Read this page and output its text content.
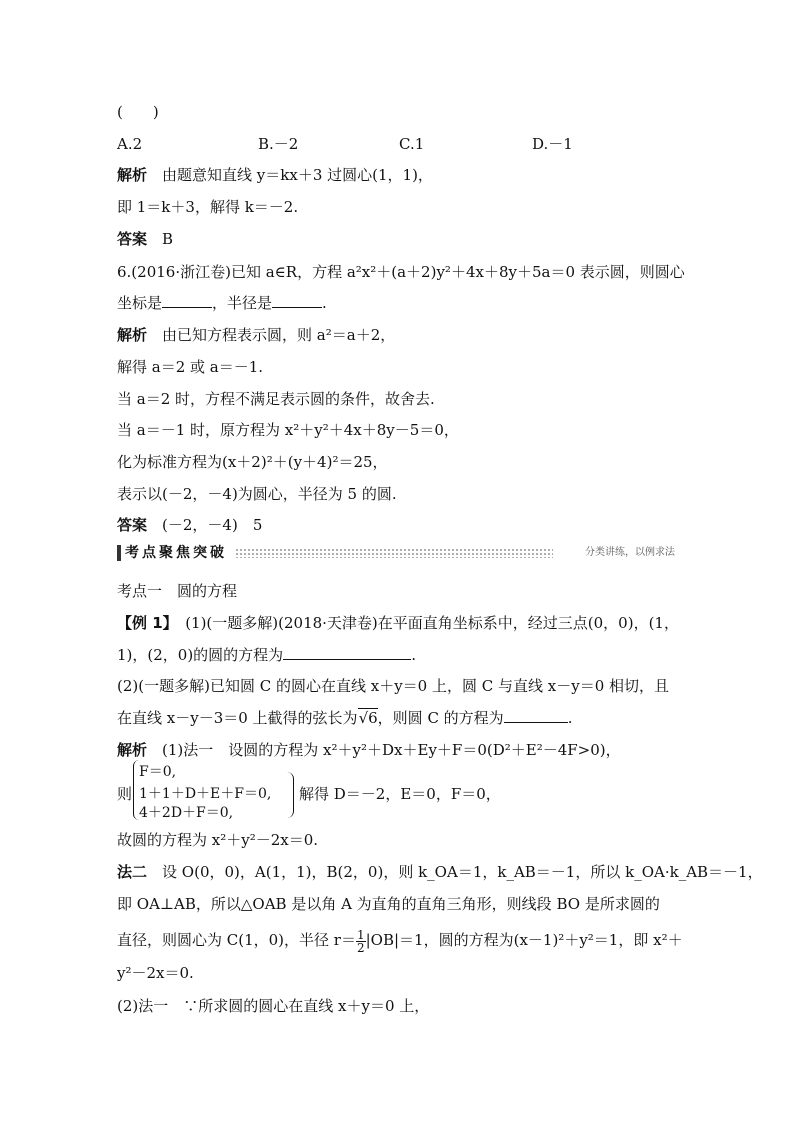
(　　)
A.2	B.－2	C.1	D.－1
解析　 由题意知直线 y＝kx＋3 过圆心(1，1)，
即 1＝k＋3，解得 k＝－2.
答案　 B
6.(2016·浙江卷)已知 a∈R，方程 a²x²＋(a＋2)y²＋4x＋8y＋5a＝0 表示圆，则圆心
坐标是	，半径是	.
解析　 由已知方程表示圆，则 a²＝a＋2，
解得 a＝2 或 a＝－1.
当 a＝2 时，方程不满足表示圆的条件，故舍去.
当 a＝－1 时，原方程为 x²＋y²＋4x＋8y－5＝0，
化为标准方程为(x＋2)²＋(y＋4)²＝25，
表示以(－2，－4)为圆心，半径为 5 的圆.
答案　 (－2，－4)　5
考点聚焦突破	分类讲练，以例求法
考点一　圆的方程
【例 1】　 (1)(一题多解)(2018·天津卷)在平面直角坐标系中，经过三点(0，0)，(1，
1)，(2，0)的圆的方程为	.
(2)(一题多解)已知圆 C 的圆心在直线 x＋y＝0 上，圆 C 与直线 x－y＝0 相切，且
在直线 x－y－3＝0 上截得的弦长为√6，则圆 C 的方程为	.
解析　 (1)法一　设圆的方程为 x²＋y²＋Dx＋Ey＋F＝0(D²＋E²－4F>0)，
则
F＝0,
1＋1＋D＋E＋F＝0,
4＋2D＋F＝0,
解得 D＝－2，E＝0，F＝0，
故圆的方程为 x²＋y²－2x＝0.
法二　 设 O(0，0)，A(1，1)，B(2，0)，则 k_OA＝1，k_AB＝－1，所以 k_OA·k_AB＝－1，
即 OA⊥AB，所以△OAB 是以角 A 为直角的直角三角形，则线段 BO 是所求圆的
直径，则圆心为 C(1，0)，半径 $r= \frac{1}{2} |OB|=1$，圆的方程为(x－1)²＋y²＝1，即 x²＋
y²－2x＝0.
(2)法一　∵所求圆的圆心在直线 x＋y＝0 上，
